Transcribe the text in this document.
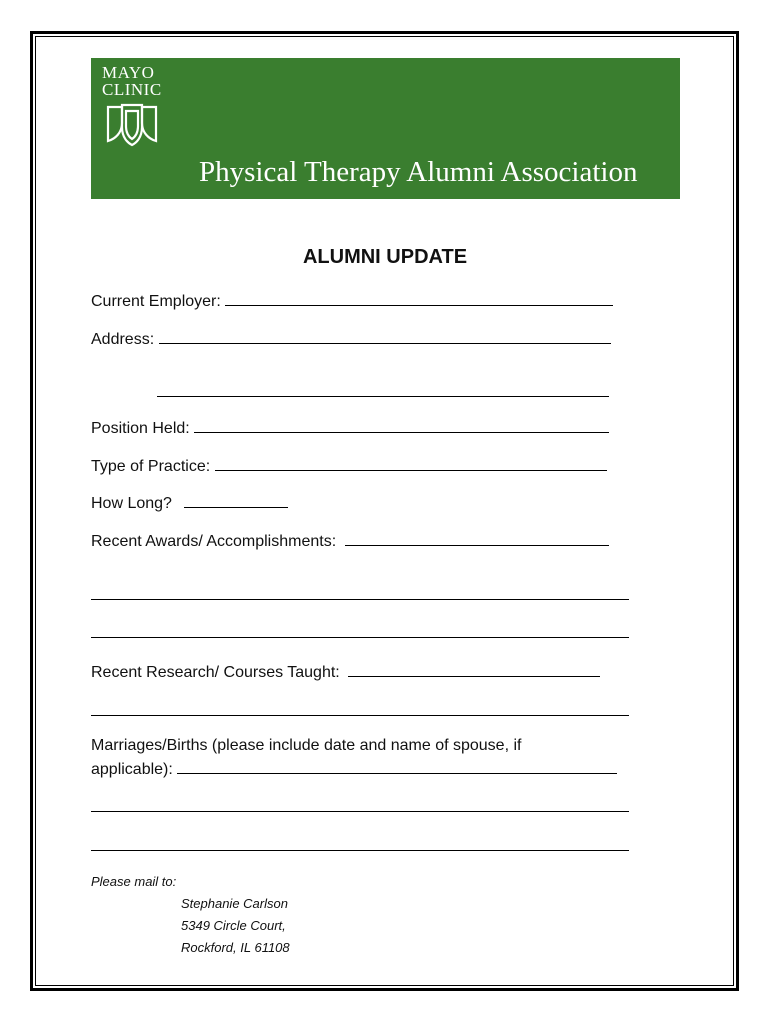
MAYO
CLINIC
Physical Therapy Alumni Association
ALUMNI UPDATE
Current Employer:
Address:
Position Held:
Type of Practice:
How Long?
Recent Awards/ Accomplishments:
Recent Research/ Courses Taught:
Marriages/Births (please include date and name of spouse, if
applicable):
Please mail to:
Stephanie Carlson
5349 Circle Court,
Rockford, IL 61108
